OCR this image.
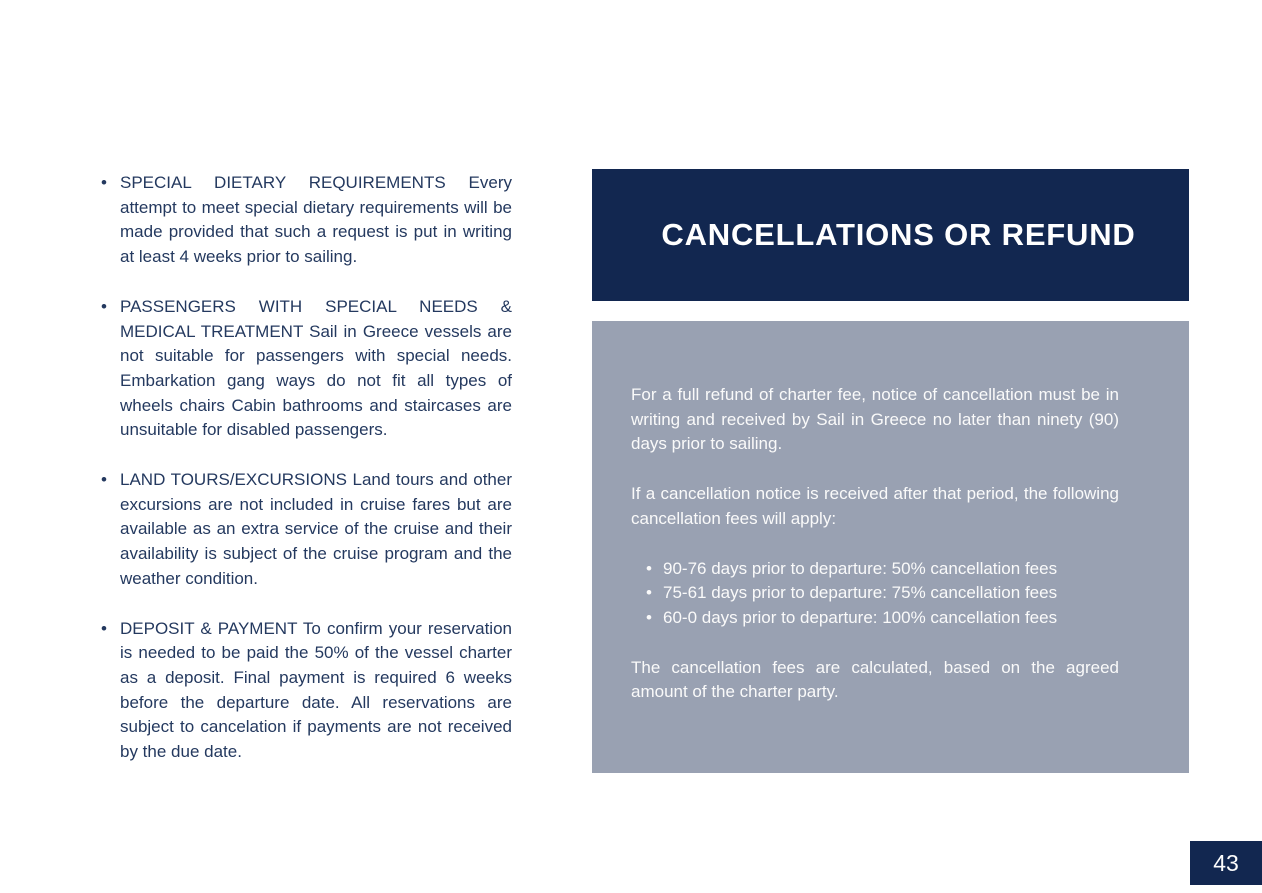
• SPECIAL DIETARY REQUIREMENTS Every attempt to meet special dietary requirements will be made provided that such a request is put in writing at least 4 weeks prior to sailing.
• PASSENGERS WITH SPECIAL NEEDS & MEDICAL TREATMENT Sail in Greece vessels are not suitable for passengers with special needs. Embarkation gang ways do not fit all types of wheels chairs Cabin bathrooms and staircases are unsuitable for disabled passengers.
• LAND TOURS/EXCURSIONS Land tours and other excursions are not included in cruise fares but are available as an extra service of the cruise and their availability is subject of the cruise program and the weather condition.
• DEPOSIT & PAYMENT To confirm your reservation is needed to be paid the 50% of the vessel charter as a deposit. Final payment is required 6 weeks before the departure date. All reservations are subject to cancelation if payments are not received by the due date.
CANCELLATIONS OR REFUND

For a full refund of charter fee, notice of cancellation must be in writing and received by Sail in Greece no later than ninety (90) days prior to sailing.

If a cancellation notice is received after that period, the following cancellation fees will apply:

• 90-76 days prior to departure: 50% cancellation fees
• 75-61 days prior to departure: 75% cancellation fees
• 60-0 days prior to departure: 100% cancellation fees

The cancellation fees are calculated, based on the agreed amount of the charter party.

43
